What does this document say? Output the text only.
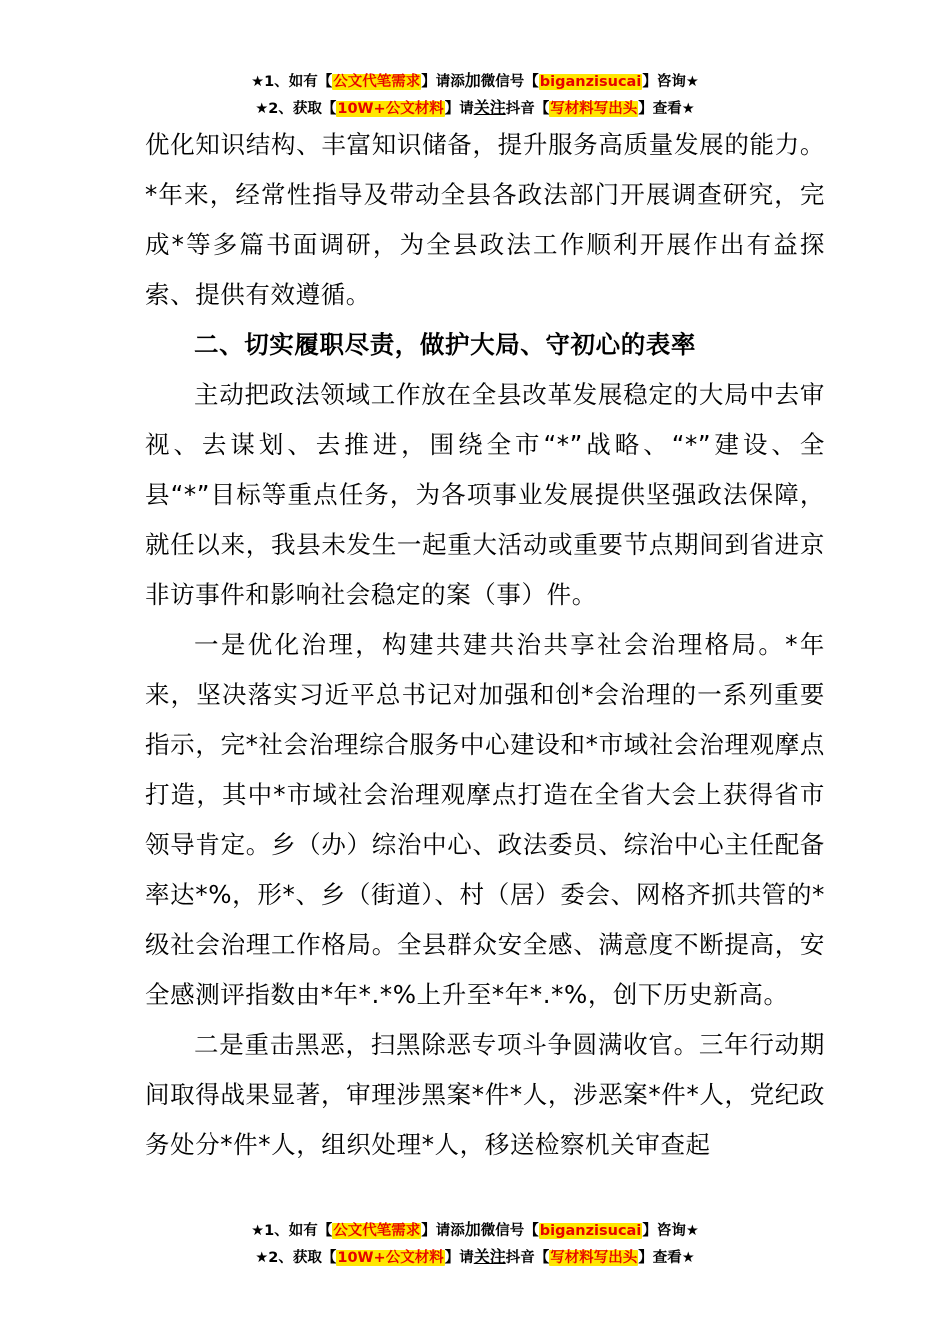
★1、如有【公文代笔需求】请添加微信号【biganzisucai】咨询★
★2、获取【10W+公文材料】请关注抖音【写材料写出头】查看★

优化知识结构、丰富知识储备，提升服务高质量发展的能力。*年来，经常性指导及带动全县各政法部门开展调查研究，完成*等多篇书面调研，为全县政法工作顺利开展作出有益探索、提供有效遵循。

二、切实履职尽责，做护大局、守初心的表率

主动把政法领域工作放在全县改革发展稳定的大局中去审视、去谋划、去推进，围绕全市“*”战略、“*”建设、全县“*”目标等重点任务，为各项事业发展提供坚强政法保障，就任以来，我县未发生一起重大活动或重要节点期间到省进京非访事件和影响社会稳定的案（事）件。

一是优化治理，构建共建共治共享社会治理格局。*年来，坚决落实习近平总书记对加强和创*会治理的一系列重要指示，完*社会治理综合服务中心建设和*市域社会治理观摩点打造，其中*市域社会治理观摩点打造在全省大会上获得省市领导肯定。乡（办）综治中心、政法委员、综治中心主任配备率达*%，形*、乡（街道）、村（居）委会、网格齐抓共管的*级社会治理工作格局。全县群众安全感、满意度不断提高，安全感测评指数由*年*.*%上升至*年*.*%，创下历史新高。

二是重击黑恶，扫黑除恶专项斗争圆满收官。三年行动期间取得战果显著，审理涉黑案*件*人，涉恶案*件*人，党纪政务处分*件*人，组织处理*人，移送检察机关审查起

★1、如有【公文代笔需求】请添加微信号【biganzisucai】咨询★
★2、获取【10W+公文材料】请关注抖音【写材料写出头】查看★
